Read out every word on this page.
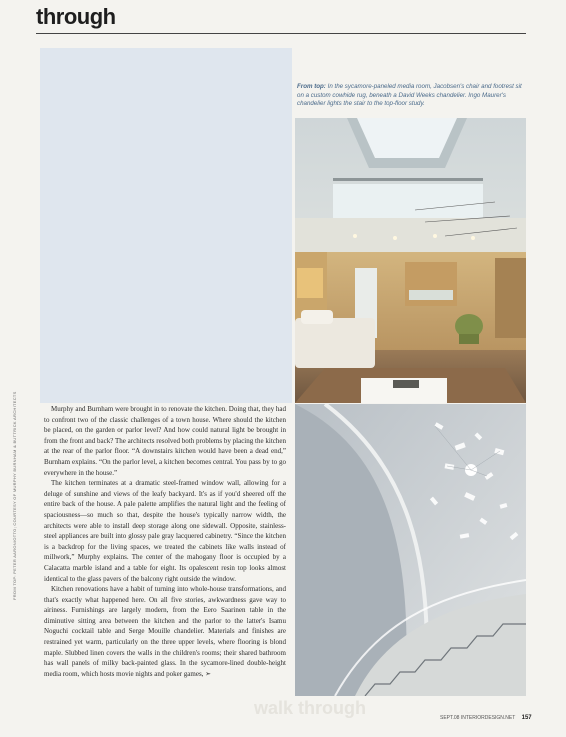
through

From top: In the sycamore-paneled media room, Jacobsen's chair and footrest sit on a custom cowhide rug, beneath a David Weeks chandelier. Ingo Maurer's chandelier lights the stair to the top-floor study.

Murphy and Burnham were brought in to renovate the kitchen. Doing that, they had to confront two of the classic challenges of a town house. Where should the kitchen be placed, on the garden or parlor level? And how could natural light be brought in from the front and back? The architects resolved both problems by placing the kitchen at the rear of the parlor floor. “A downstairs kitchen would have been a dead end,” Burnham explains. “On the parlor level, a kitchen becomes central. You pass by to go everywhere in the house.”

The kitchen terminates at a dramatic steel-framed window wall, allowing for a deluge of sunshine and views of the leafy backyard. It's as if you'd sheered off the entire back of the house. A pale palette amplifies the natural light and the feeling of spaciousness—so much so that, despite the house's typically narrow width, the architects were able to install deep storage along one sidewall. Opposite, stainless-steel appliances are built into glossy pale gray lacquered cabinetry. “Since the kitchen is a backdrop for the living spaces, we treated the cabinets like walls instead of millwork,” Murphy explains. The center of the mahogany floor is occupied by a Calacatta marble island and a table for eight. Its opalescent resin top looks almost identical to the glass pavers of the balcony right outside the window.

Kitchen renovations have a habit of turning into whole-house transformations, and that's exactly what happened here. On all five stories, awkwardness gave way to airiness. Furnishings are largely modern, from the Eero Saarinen table in the diminutive sitting area between the kitchen and the parlor to the latter's Isamu Noguchi cocktail table and Serge Mouille chandelier. Materials and finishes are restrained yet warm, particularly on the three upper levels, where flooring is blond maple. Slubbed linen covers the walls in the children's rooms; their shared bathroom has wall panels of milky back-painted glass. In the sycamore-lined double-height media room, which hosts movie nights and poker games, ➣

FROM TOP: PETER AARON/OTTO; COURTESY OF MURPHY BURNHAM & BUTTRICK ARCHITECTS
walk through	SEPT.08 INTERIORDESIGN.NET 157
